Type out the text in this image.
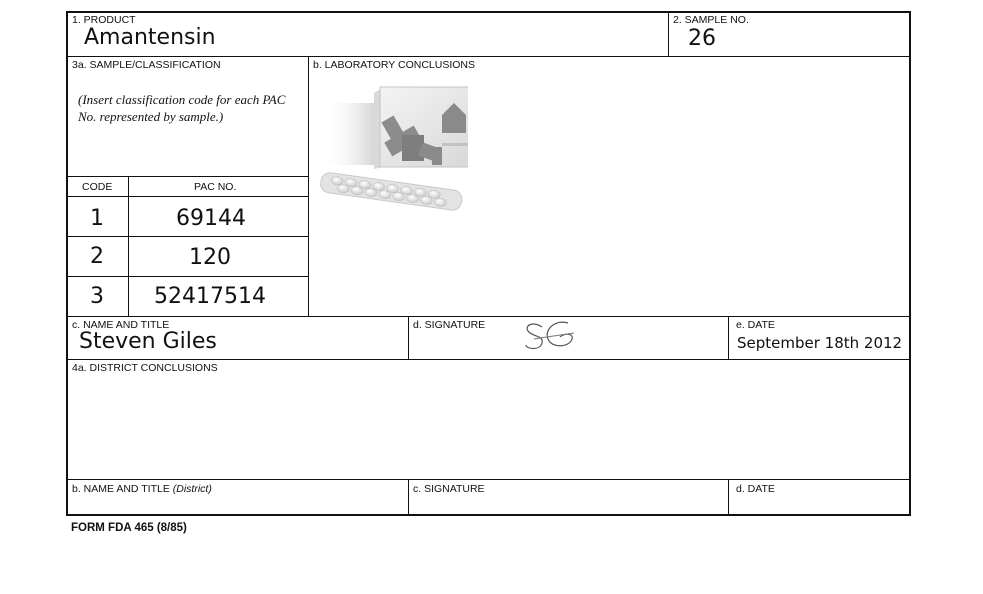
1. PRODUCT
Amantensin
2. SAMPLE NO.
26
3a. SAMPLE/CLASSIFICATION
(Insert classification code for each PAC No. represented by sample.)
CODE	PAC NO.
1	69144
2	120
3 52417514
b. LABORATORY CONCLUSIONS
c. NAME AND TITLE
Steven Giles
d. SIGNATURE	e. DATE
September 18th 2012
4a. DISTRICT CONCLUSIONS
b. NAME AND TITLE (District)	c. SIGNATURE	d. DATE
FORM FDA 465 (8/85)
